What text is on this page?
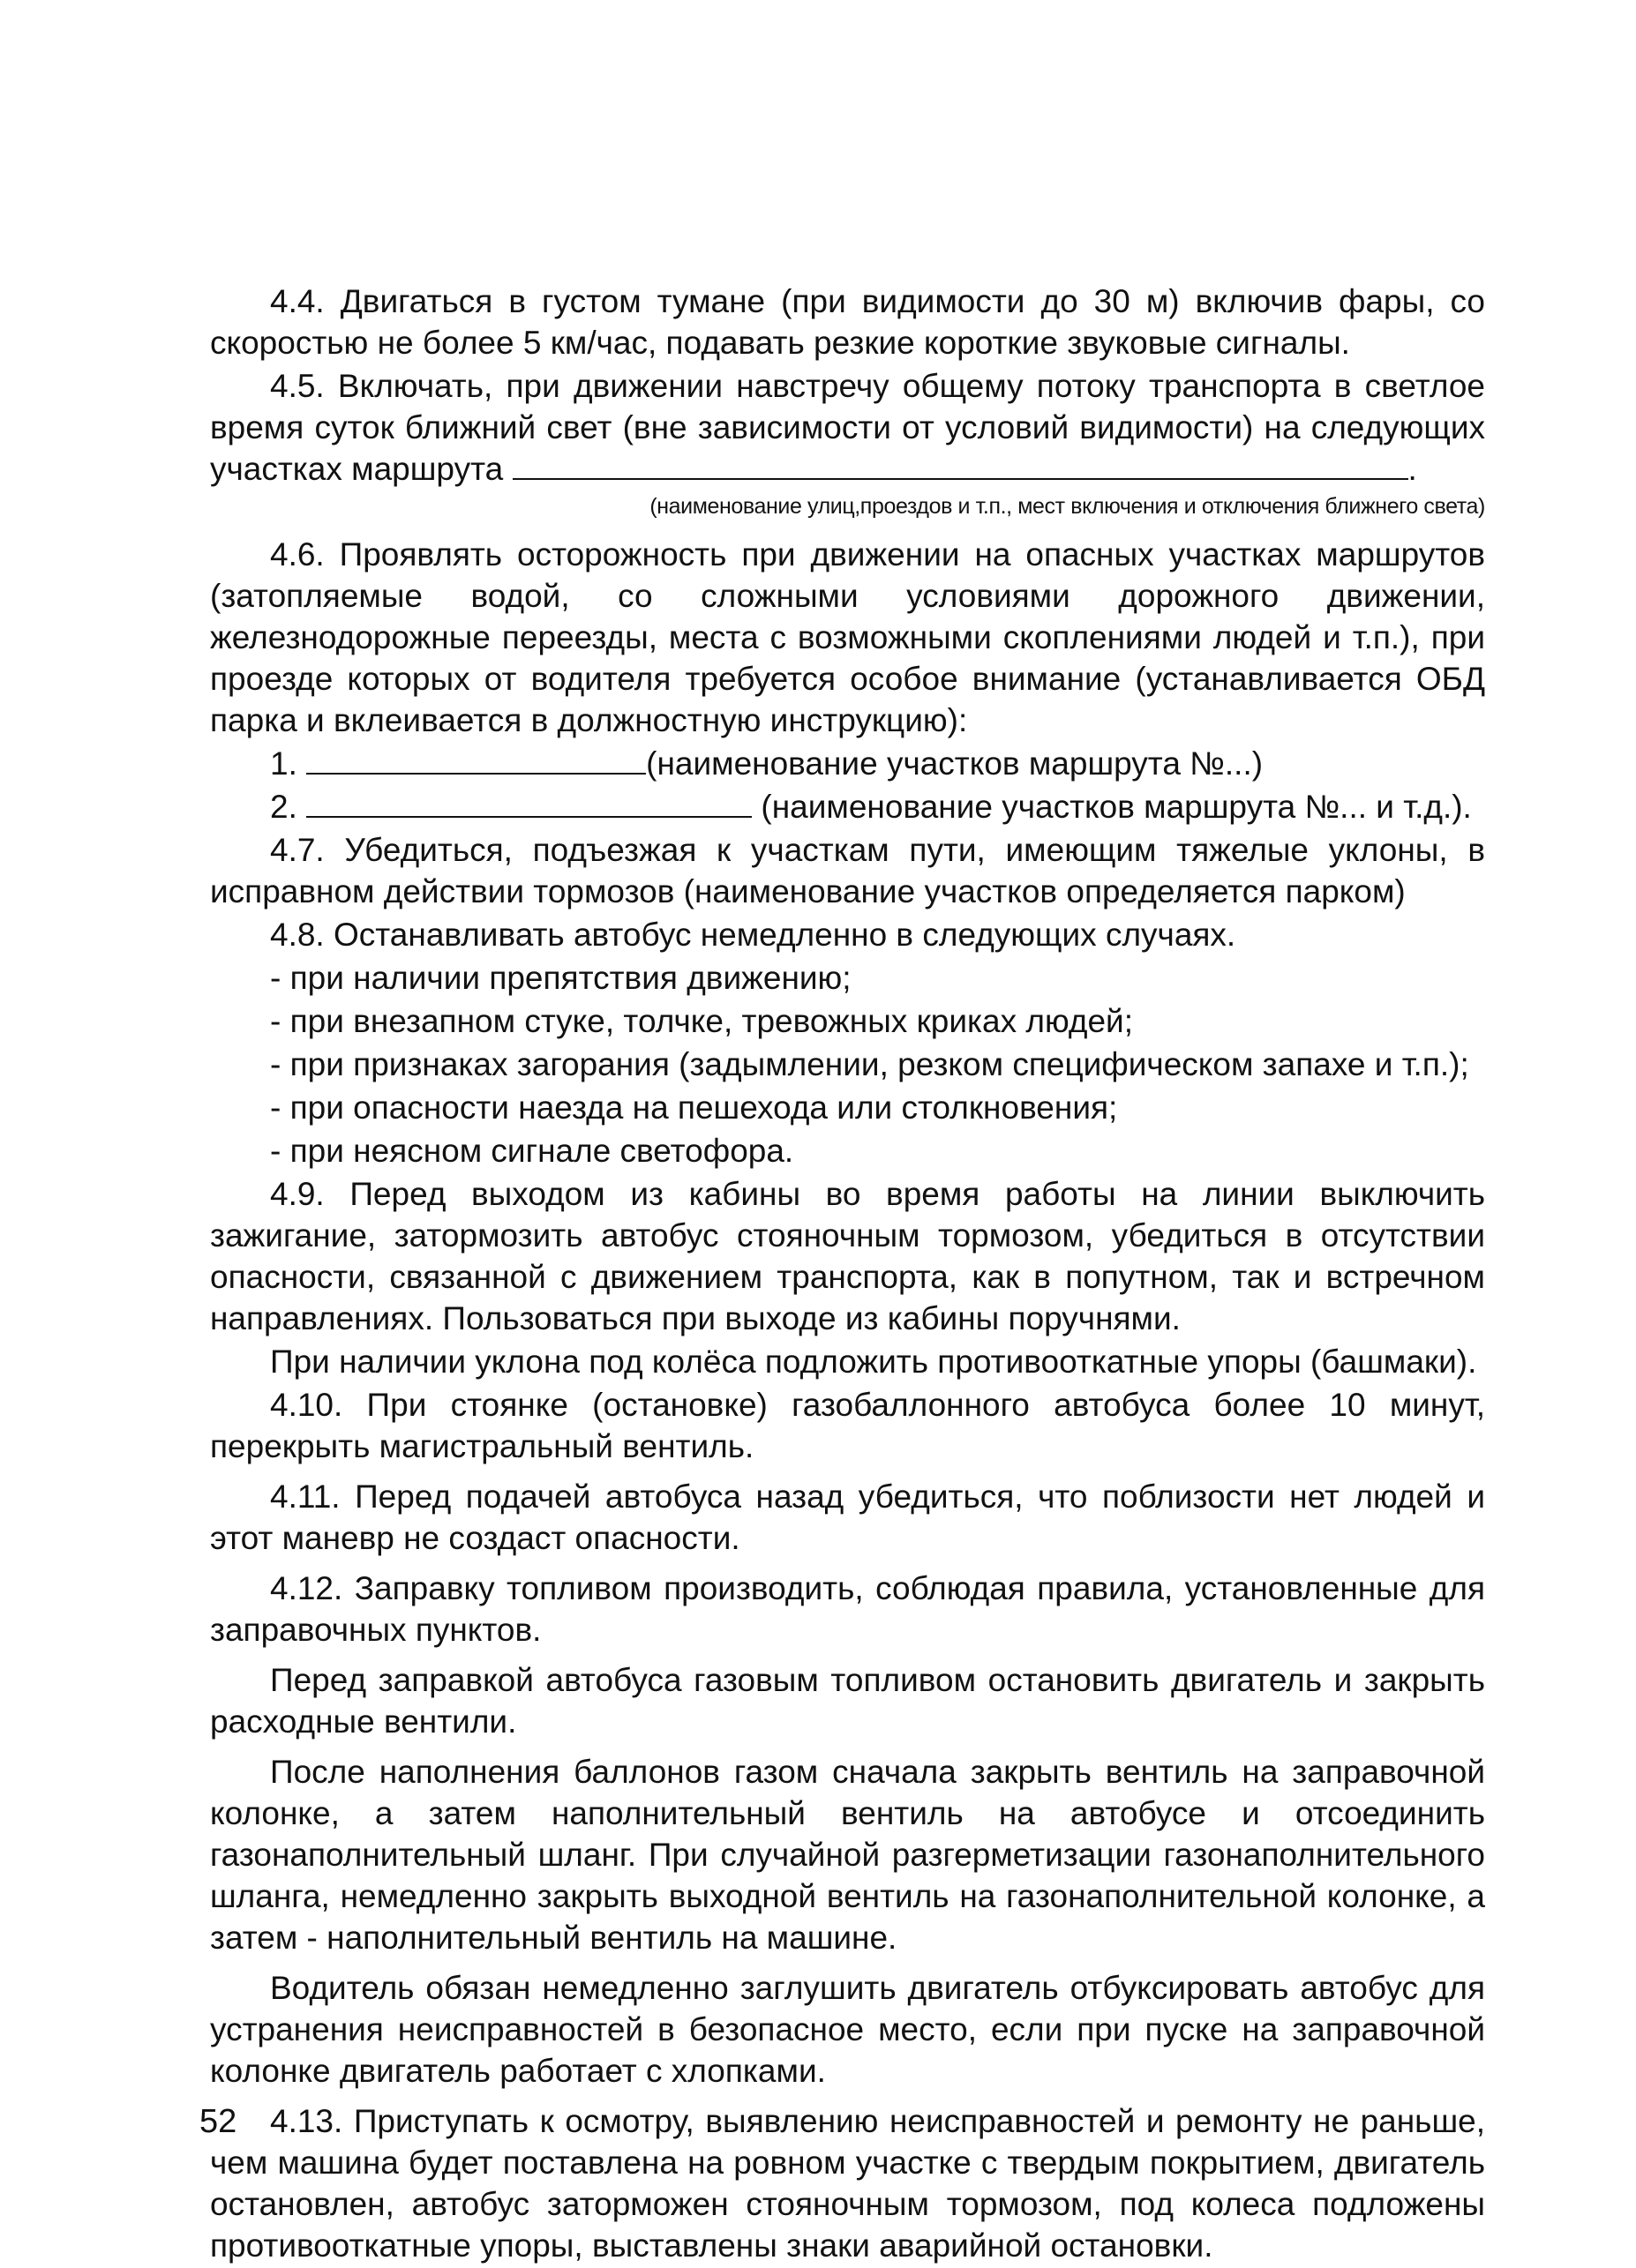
4.4. Двигаться в густом тумане (при видимости до 30 м) включив фары, со скоростью не более 5 км/час, подавать резкие короткие звуковые сигналы.

4.5. Включать, при движении навстречу общему потоку транспорта в светлое время суток ближний свет (вне зависимости от условий видимости) на следующих участках маршрута	.

(наименование улиц,проездов и т.п., мест включения и отключения ближнего света)

4.6. Проявлять осторожность при движении на опасных участках маршрутов (затопляемые водой, со сложными условиями дорожного движении, железнодорожные переезды, места с возможными скоплениями людей и т.п.), при проезде которых от водителя требуется особое внимание (устанавливается ОБД парка и вклеивается в должностную инструкцию):

1.	(наименование участков маршрута №...)
2.	(наименование участков маршрута №... и т.д.).

4.7. Убедиться, подъезжая к участкам пути, имеющим тяжелые уклоны, в исправном действии тормозов (наименование участков определяется парком)

4.8. Останавливать автобус немедленно в следующих случаях.

- при наличии препятствия движению;
- при внезапном стуке, толчке, тревожных криках людей;
- при признаках загорания (задымлении, резком специфическом запахе и т.п.);
- при опасности наезда на пешехода или столкновения;
- при неясном сигнале светофора.

4.9. Перед выходом из кабины во время работы на линии выключить зажигание, затормозить автобус стояночным тормозом, убедиться в отсутствии опасности, связанной с движением транспорта, как в попутном, так и встречном направлениях. Пользоваться при выходе из кабины поручнями.

При наличии уклона под колёса подложить противооткатные упоры (башмаки).

4.10. При стоянке (остановке) газобаллонного автобуса более 10 минут, перекрыть магистральный вентиль.

4.11. Перед подачей автобуса назад убедиться, что поблизости нет людей и этот маневр не создаст опасности.

4.12. Заправку топливом производить, соблюдая правила, установленные для заправочных пунктов.

Перед заправкой автобуса газовым топливом остановить двигатель и закрыть расходные вентили.

После наполнения баллонов газом сначала закрыть вентиль на заправочной колонке, а затем наполнительный вентиль на автобусе и отсоединить газонаполнительный шланг. При случайной разгерметизации газонаполнительного шланга, немедленно закрыть выходной вентиль на газонаполнительной колонке, а затем - наполнительный вентиль на машине.

Водитель обязан немедленно заглушить двигатель отбуксировать автобус для устранения неисправностей в безопасное место, если при пуске на заправочной колонке двигатель работает с хлопками.

4.13. Приступать к осмотру, выявлению неисправностей и ремонту не раньше, чем машина будет поставлена на ровном участке с твердым покрытием, двигатель остановлен, автобус заторможен стояночным тормозом, под колеса подложены противооткатные упоры, выставлены знаки аварийной остановки.

52
